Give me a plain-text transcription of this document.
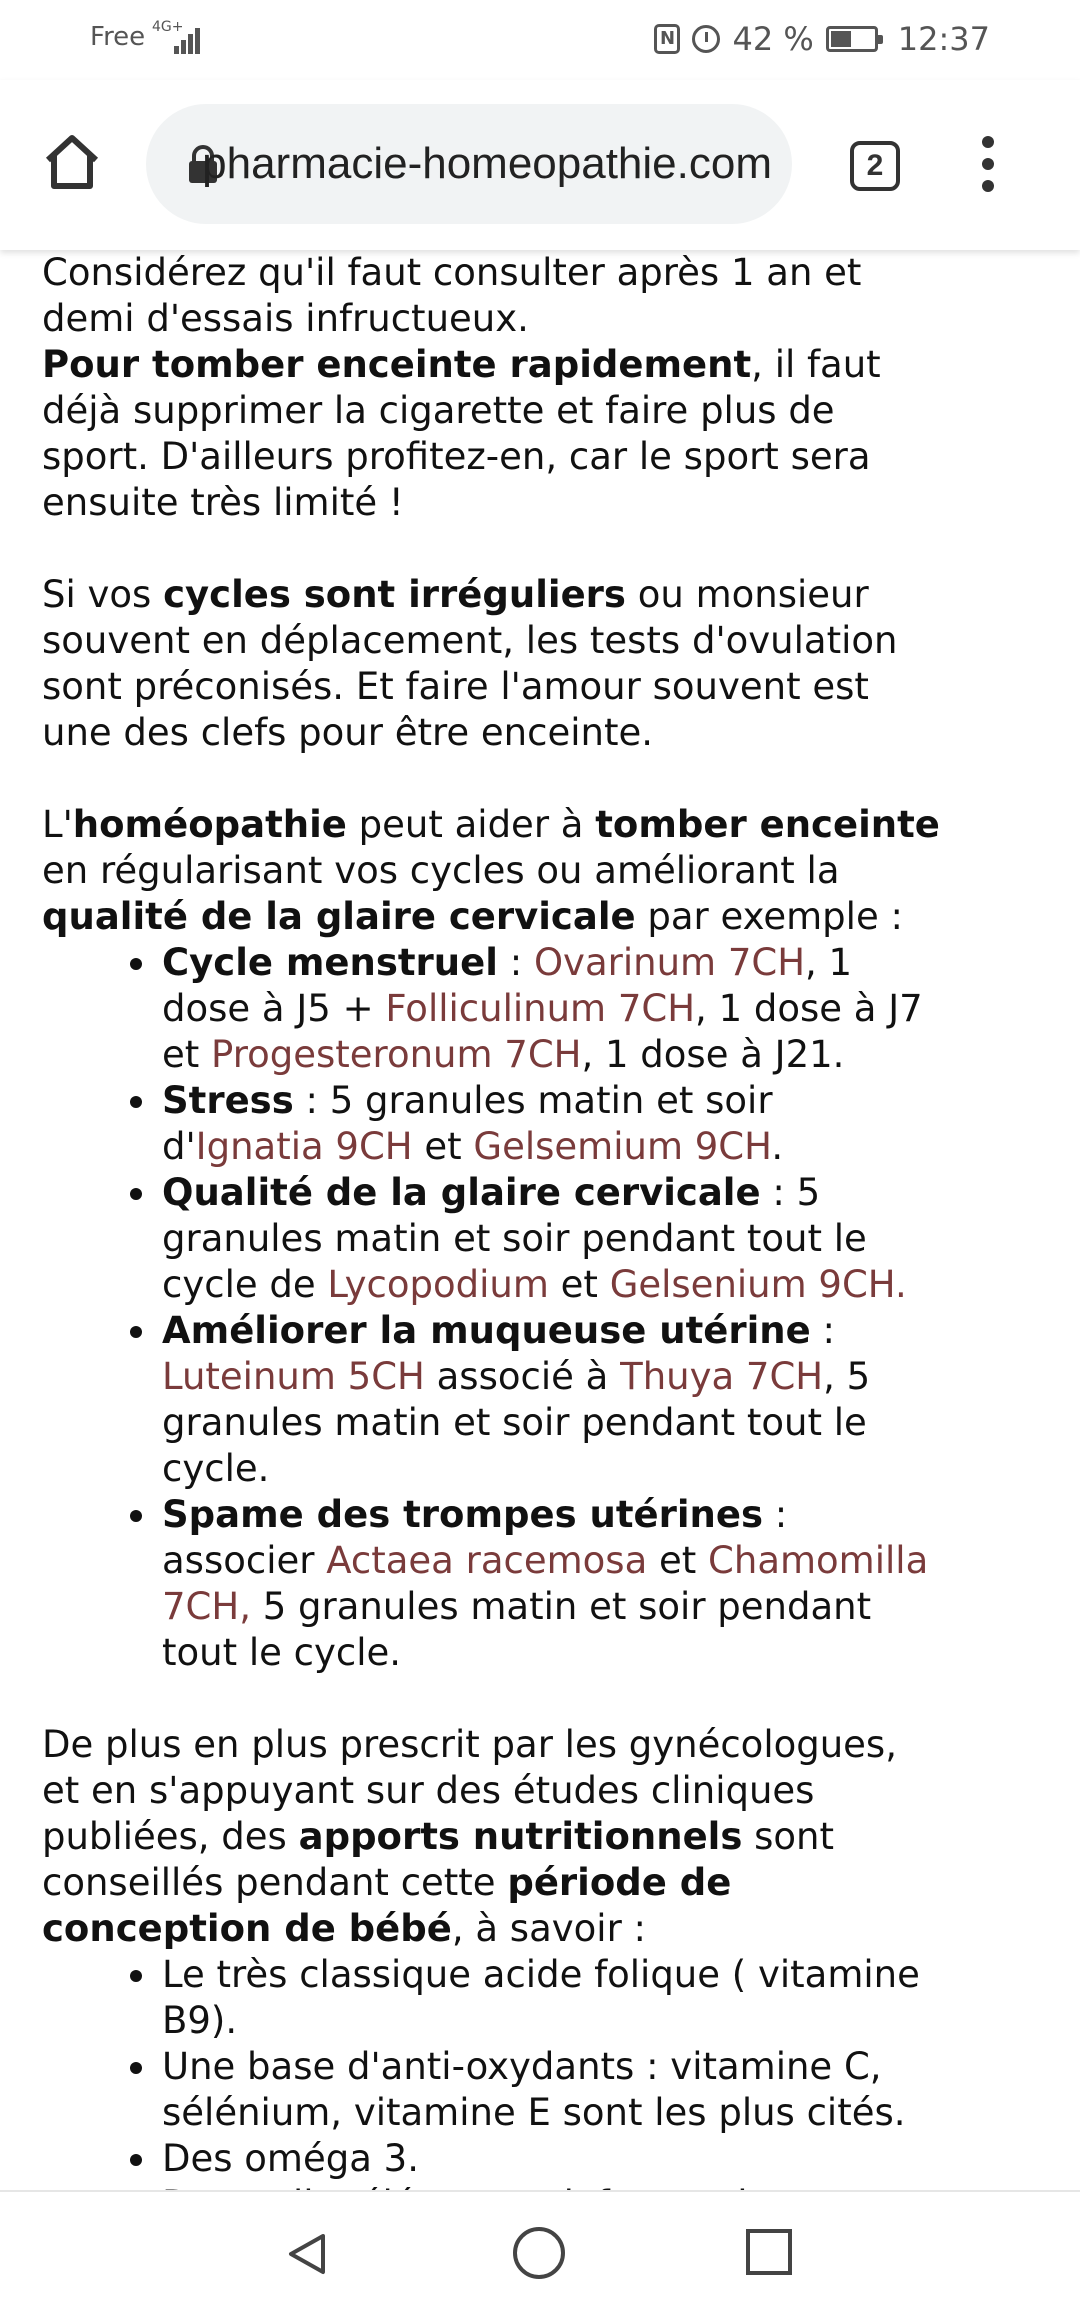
Free 4G+
N 42 %	12:37
pharmacie-homeopathie.com	2

Considérez qu'il faut consulter après 1 an et
demi d'essais infructueux.
Pour tomber enceinte rapidement, il faut déjà supprimer la cigarette et faire plus de sport. D'ailleurs profitez-en, car le sport sera ensuite très limité !

Si vos cycles sont irréguliers ou monsieur souvent en déplacement, les tests d'ovulation sont préconisés. Et faire l'amour souvent est une des clefs pour être enceinte.

L'homéopathie peut aider à tomber enceinte en régularisant vos cycles ou améliorant la qualité de la glaire cervicale par exemple :

Cycle menstruel : Ovarinum 7CH, 1 dose à J5 + Folliculinum 7CH, 1 dose à J7 et Progesteronum 7CH, 1 dose à J21.
Stress : 5 granules matin et soir d'Ignatia 9CH et Gelsemium 9CH.
Qualité de la glaire cervicale : 5 granules matin et soir pendant tout le cycle de Lycopodium et Gelsenium 9CH.
Améliorer la muqueuse utérine : Luteinum 5CH associé à Thuya 7CH, 5 granules matin et soir pendant tout le cycle.
Spame des trompes utérines : associer Actaea racemosa et Chamomilla 7CH, 5 granules matin et soir pendant tout le cycle.

De plus en plus prescrit par les gynécologues, et en s'appuyant sur des études cliniques publiées, des apports nutritionnels sont conseillés pendant cette période de conception de bébé, à savoir :

Le très classique acide folique ( vitamine B9).
Une base d'anti-oxydants : vitamine C, sélénium, vitamine E sont les plus cités.
Des oméga 3.
